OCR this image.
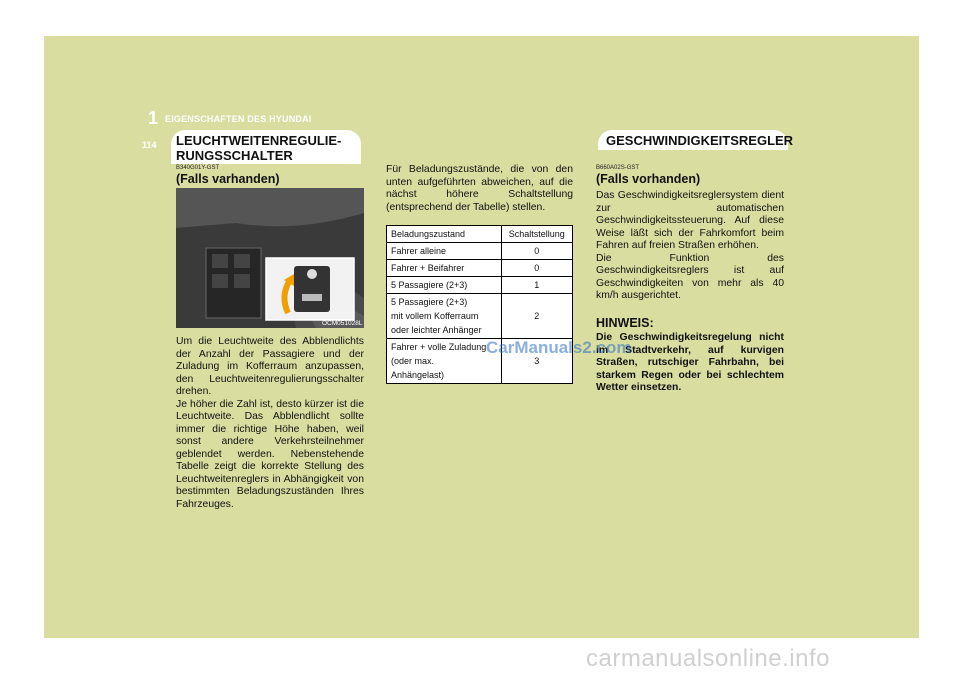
1 EIGENSCHAFTEN DES HYUNDAI
114 LEUCHTWEITENREGULIE-
RUNGSSCHALTER
B340G01Y-GST
(Falls varhanden)
OCM051028L

Um die Leuchtweite des Abblendlichts der Anzahl der Passagiere und der Zuladung im Kofferraum anzupassen, den Leuchtweitenregulierungsschalter drehen.

Je höher die Zahl ist, desto kürzer ist die Leuchtweite. Das Abblendlicht sollte immer die richtige Höhe haben, weil sonst andere Verkehrsteilnehmer geblendet werden. Nebenstehende Tabelle zeigt die korrekte Stellung des Leuchtweitenreglers in Abhängigkeit von bestimmten Beladungszuständen Ihres Fahrzeuges.

Für Beladungszustände, die von den unten aufgeführten abweichen, auf die nächst höhere Schaltstellung (entsprechend der Tabelle) stellen.
Beladungszustand	Schaltstellung
Fahrer alleine	0
Fahrer + Beifahrer	0
5 Passagiere (2+3)	1

5 Passagiere (2+3)
mit vollem Kofferraum
oder leichter Anhänger	2

Fahrer + volle Zuladung
(oder max.
Anhängelast)	3
GESCHWINDIGKEITSREGLER
B660A02S-GST
(Falls vorhanden)

Das Geschwindigkeitsreglersystem dient zur automatischen Geschwindigkeitssteuerung. Auf diese Weise läßt sich der Fahrkomfort beim Fahren auf freien Straßen erhöhen.

Die Funktion des Geschwindigkeitsreglers ist auf Geschwindigkeiten von mehr als 40 km/h ausgerichtet.

HINWEIS:
Die Geschwindigkeitsregelung nicht im Stadtverkehr, auf kurvigen Straßen, rutschiger Fahrbahn, bei starkem Regen oder bei schlechtem Wetter einsetzen.
CarManuals2.com
carmanualsonline.info
